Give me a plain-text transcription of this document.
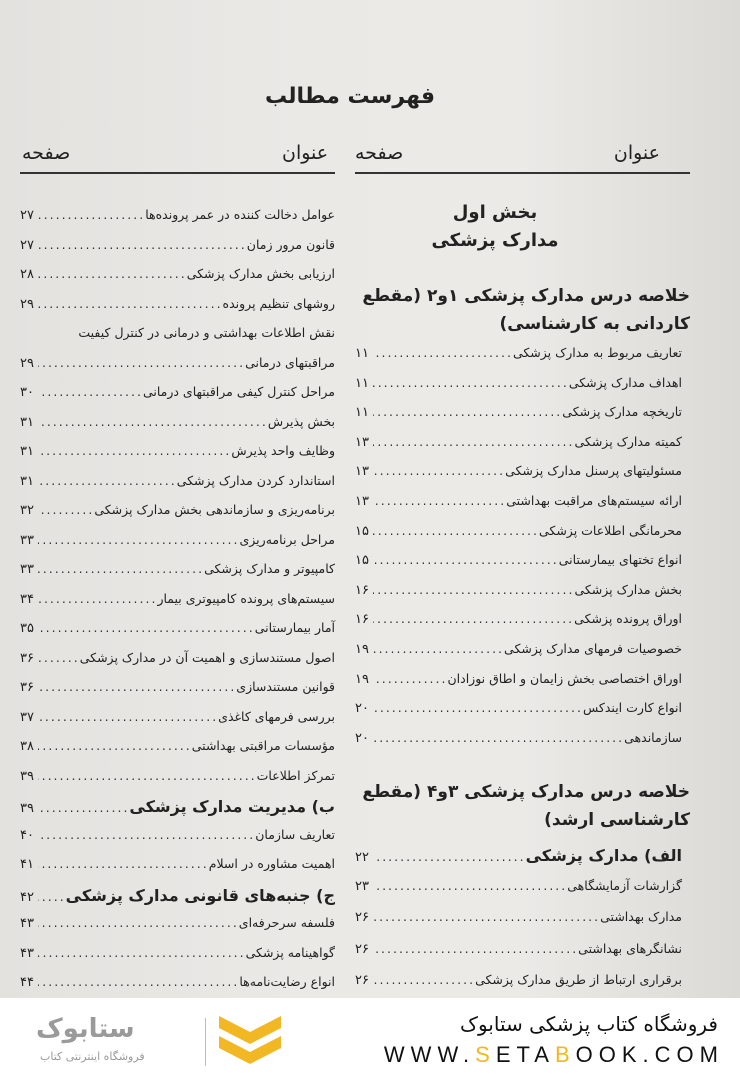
فهرست مطالب
عنوان
صفحه
عنوان
صفحه
بخش اول
مدارک پزشکی
خلاصه درس مدارک پزشکی ۱و۲ (مقطع
کاردانی به کارشناسی)
تعاریف مربوط به مدارک پزشکی
.....
۱۱
اهداف مدارک پزشکی
.....
۱۱
تاریخچه مدارک پزشکی
.....
۱۱
کمیته مدارک پزشکی
.....
۱۳
مسئولیتهای پرسنل مدارک پزشکی
.....
۱۳
ارائه سیستم‌های مراقبت بهداشتی
.....
۱۳
محرمانگی اطلاعات پزشکی
.....
۱۵
انواع تختهای بیمارستانی
.....
۱۵
بخش مدارک پزشکی
.....
۱۶
اوراق پرونده پزشکی
.....
۱۶
خصوصیات فرمهای مدارک پزشکی
.....
۱۹
اوراق اختصاصی بخش زایمان و اطاق نوزادان
.....
۱۹
انواع کارت ایندکس
.....
۲۰
سازماندهی
.....
۲۰
خلاصه درس مدارک پزشکی ۳و۴ (مقطع
کارشناسی ارشد)
الف) مدارک پزشکی
.....
۲۲
گزارشات آزمایشگاهی
.....
۲۳
مدارک بهداشتی
.....
۲۶
نشانگرهای بهداشتی
.....
۲۶
برقراری ارتباط از طریق مدارک پزشکی
.....
۲۶
عوامل دخالت کننده در عمر پرونده‌ها
.....
۲۷
قانون مرور زمان
.....
۲۷
ارزیابی بخش مدارک پزشکی
.....
۲۸
روشهای تنظیم پرونده
.....
۲۹
نقش اطلاعات بهداشتی و درمانی در کنترل کیفیت
مراقبتهای درمانی
.....
۲۹
مراحل کنترل کیفی مراقبتهای درمانی
.....
۳۰
بخش پذیرش
.....
۳۱
وظایف واحد پذیرش
.....
۳۱
استاندارد کردن مدارک پزشکی
.....
۳۱
برنامه‌ریزی و سازماندهی بخش مدارک پزشکی
.....
۳۲
مراحل برنامه‌ریزی
.....
۳۳
کامپیوتر و مدارک پزشکی
.....
۳۳
سیستم‌های پرونده کامپیوتری بیمار
.....
۳۴
آمار بیمارستانی
.....
۳۵
اصول مستندسازی و اهمیت آن در مدارک پزشکی
.....
۳۶
قوانین مستندسازی
.....
۳۶
بررسی فرمهای کاغذی
.....
۳۷
مؤسسات مراقبتی بهداشتی
.....
۳۸
تمرکز اطلاعات
.....
۳۹
ب) مدیریت مدارک پزشکی
.....
۳۹
تعاریف سازمان
.....
۴۰
اهمیت مشاوره در اسلام
.....
۴۱
ج) جنبه‌های قانونی مدارک پزشکی
.....
۴۲
فلسفه سرحرفه‌ای
.....
۴۳
گواهینامه پزشکی
.....
۴۳
انواع رضایت‌نامه‌ها
.....
۴۴
فروشگاه کتاب پزشکی ستابوک
WWW.SETABOOK.COM
ستابوک
فروشگاه اینترنتی کتاب
